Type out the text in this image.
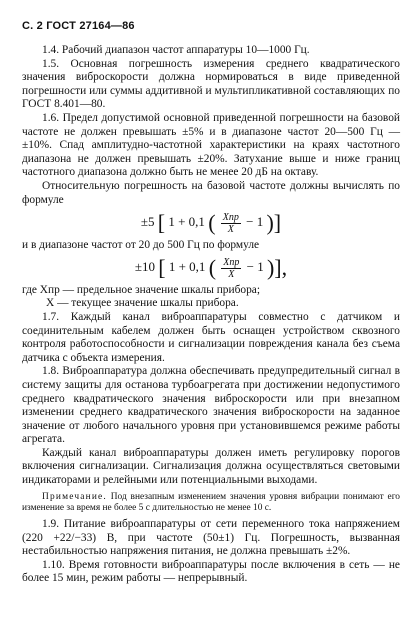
С. 2 ГОСТ 27164—86

1.4. Рабочий диапазон частот аппаратуры 10—1000 Гц.

1.5. Основная погрешность измерения среднего квадратического значения виброскорости должна нормироваться в виде приведенной погрешности или суммы аддитивной и мультипликативной составляющих по ГОСТ 8.401—80.

1.6. Предел допустимой основной приведенной погрешности на базовой частоте не должен превышать ±5% и в диапазоне частот 20—500 Гц — ±10%. Спад амплитудно-частотной характеристики на краях частотного диапазона не должен превышать ±20%. Затухание выше и ниже границ частотного диапазона должно быть не менее 20 дБ на октаву.

Относительную погрешность на базовой частоте должны вычислять по формуле

±5 [ 1 + 0,1 ( $\frac{\text{Xпр}}{X} - 1$ )]

и в диапазоне частот от 20 до 500 Гц по формуле

±10 [ 1 + 0,1 ( $\frac{\text{Xпр}}{X} - 1$ )],

где Xпр — предельное значение шкалы прибора;

X — текущее значение шкалы прибора.

1.7. Каждый канал виброаппаратуры совместно с датчиком и соединительным кабелем должен быть оснащен устройством сквозного контроля работоспособности и сигнализации повреждения канала без съема датчика с объекта измерения.

1.8. Виброаппаратура должна обеспечивать предупредительный сигнал в систему защиты для останова турбоагрегата при достижении недопустимого среднего квадратического значения виброскорости или при внезапном изменении среднего квадратического значения виброскорости на заданное значение от любого начального уровня при установившемся режиме работы агрегата.

Каждый канал виброаппаратуры должен иметь регулировку порогов включения сигнализации. Сигнализация должна осуществляться световыми индикаторами и релейными или потенциальными выходами.

Примечание. Под внезапным изменением значения уровня вибрации понимают его изменение за время не более 5 с длительностью не менее 10 с.

1.9. Питание виброаппаратуры от сети переменного тока напряжением (220 +22/−33) В, при частоте (50±1) Гц. Погрешность, вызванная нестабильностью напряжения питания, не должна превышать ±2%.

1.10. Время готовности виброаппаратуры после включения в сеть — не более 15 мин, режим работы — непрерывный.
